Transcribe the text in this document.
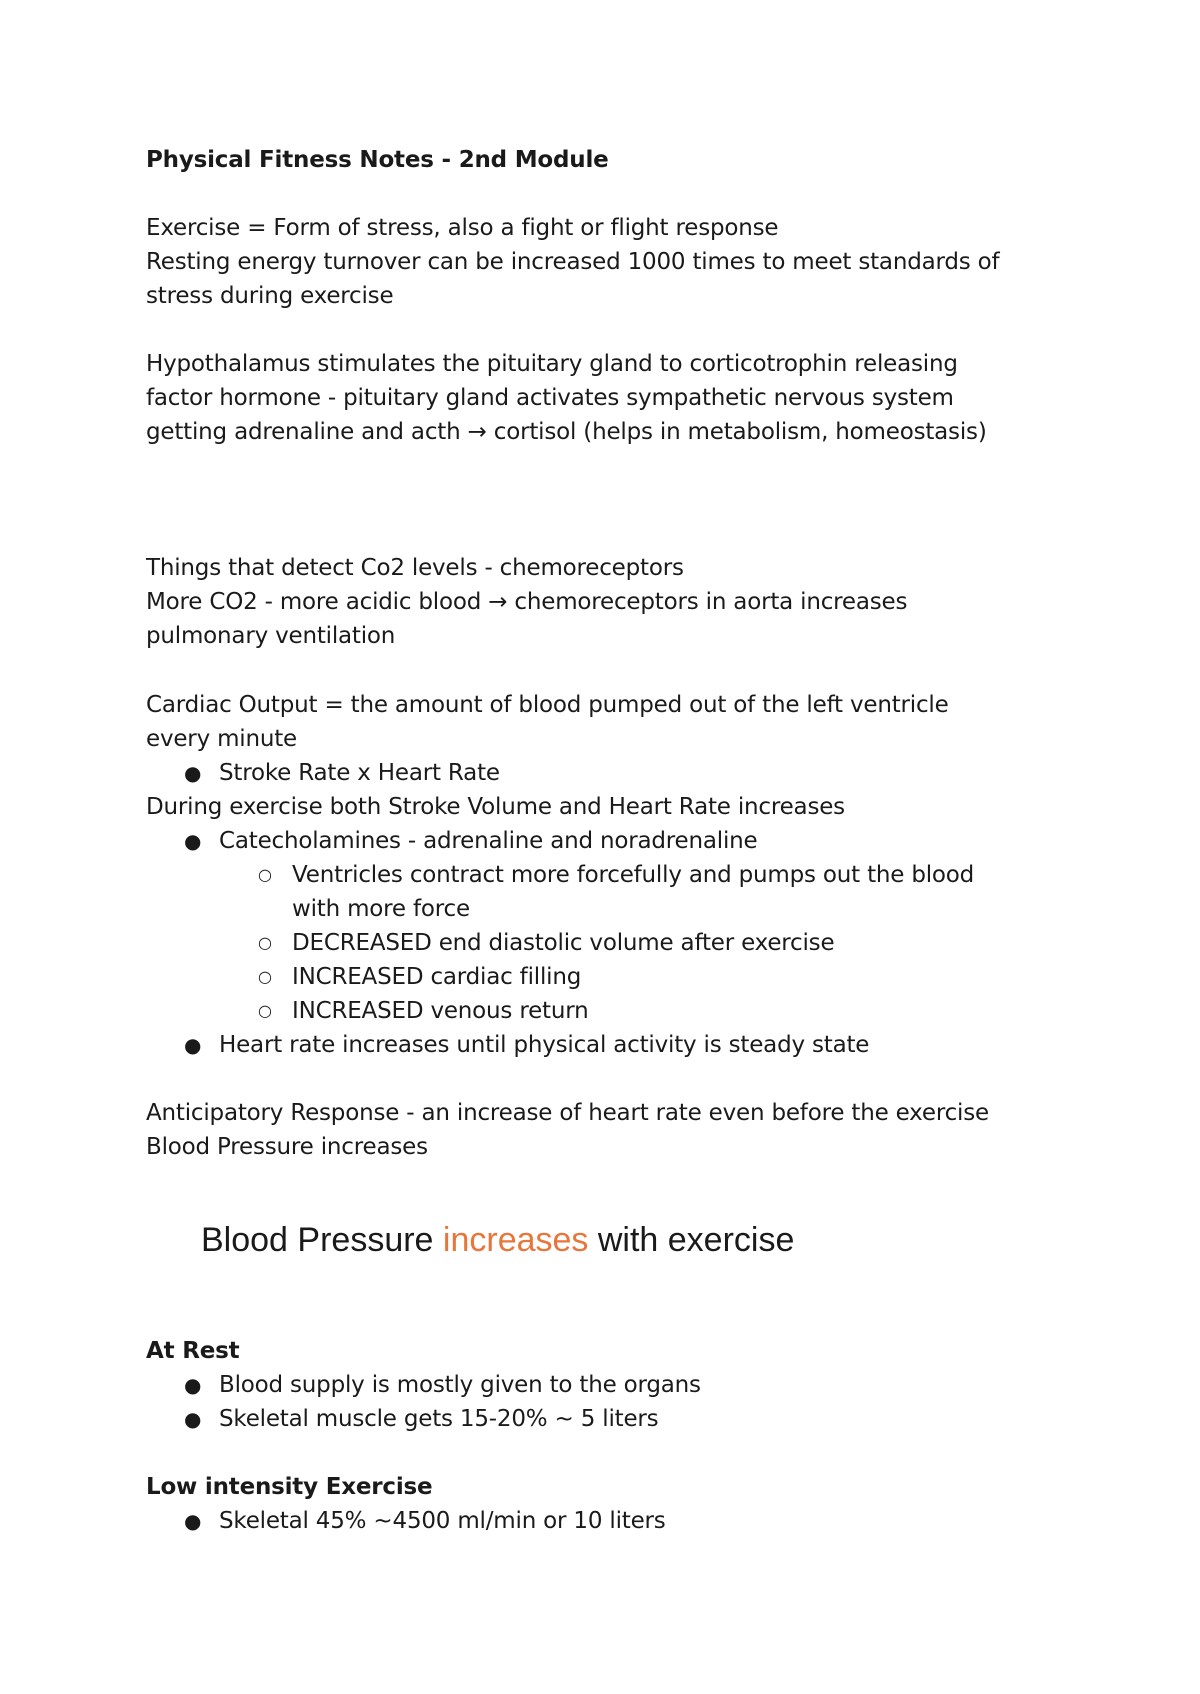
Physical Fitness Notes - 2nd Module
Exercise = Form of stress, also a fight or flight response
Resting energy turnover can be increased 1000 times to meet standards of
stress during exercise
Hypothalamus stimulates the pituitary gland to corticotrophin releasing
factor hormone - pituitary gland activates sympathetic nervous system
getting adrenaline and acth → cortisol (helps in metabolism, homeostasis)
Things that detect Co2 levels - chemoreceptors
More CO2 - more acidic blood → chemoreceptors in aorta increases
pulmonary ventilation
Cardiac Output = the amount of blood pumped out of the left ventricle
every minute
● Stroke Rate x Heart Rate
During exercise both Stroke Volume and Heart Rate increases
● Catecholamines - adrenaline and noradrenaline
○ Ventricles contract more forcefully and pumps out the blood
with more force
○ DECREASED end diastolic volume after exercise
○ INCREASED cardiac filling
○ INCREASED venous return
● Heart rate increases until physical activity is steady state
Anticipatory Response - an increase of heart rate even before the exercise
Blood Pressure increases
Blood Pressure increases with exercise
At Rest
● Blood supply is mostly given to the organs
● Skeletal muscle gets 15-20% ~ 5 liters
Low intensity Exercise
● Skeletal 45% ~4500 ml/min or 10 liters
